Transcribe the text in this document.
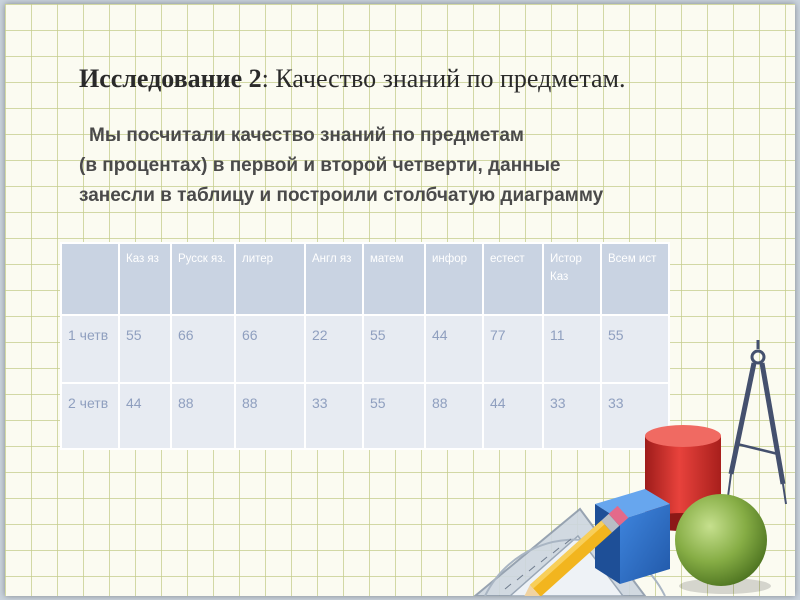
Исследование 2: Качество знаний по предметам.
Мы посчитали качество знаний по предметам
(в процентах) в первой и второй четверти, данные
занесли в таблицу и построили столбчатую диаграмму
	Каз яз	Русск яз.	литер	Англ яз	матем	инфор	естест	Истор Каз	Всем ист
1 четв	55	66	66	22	55	44	77	11	55
2 четв	44	88	88	33	55	88	44	33	33
